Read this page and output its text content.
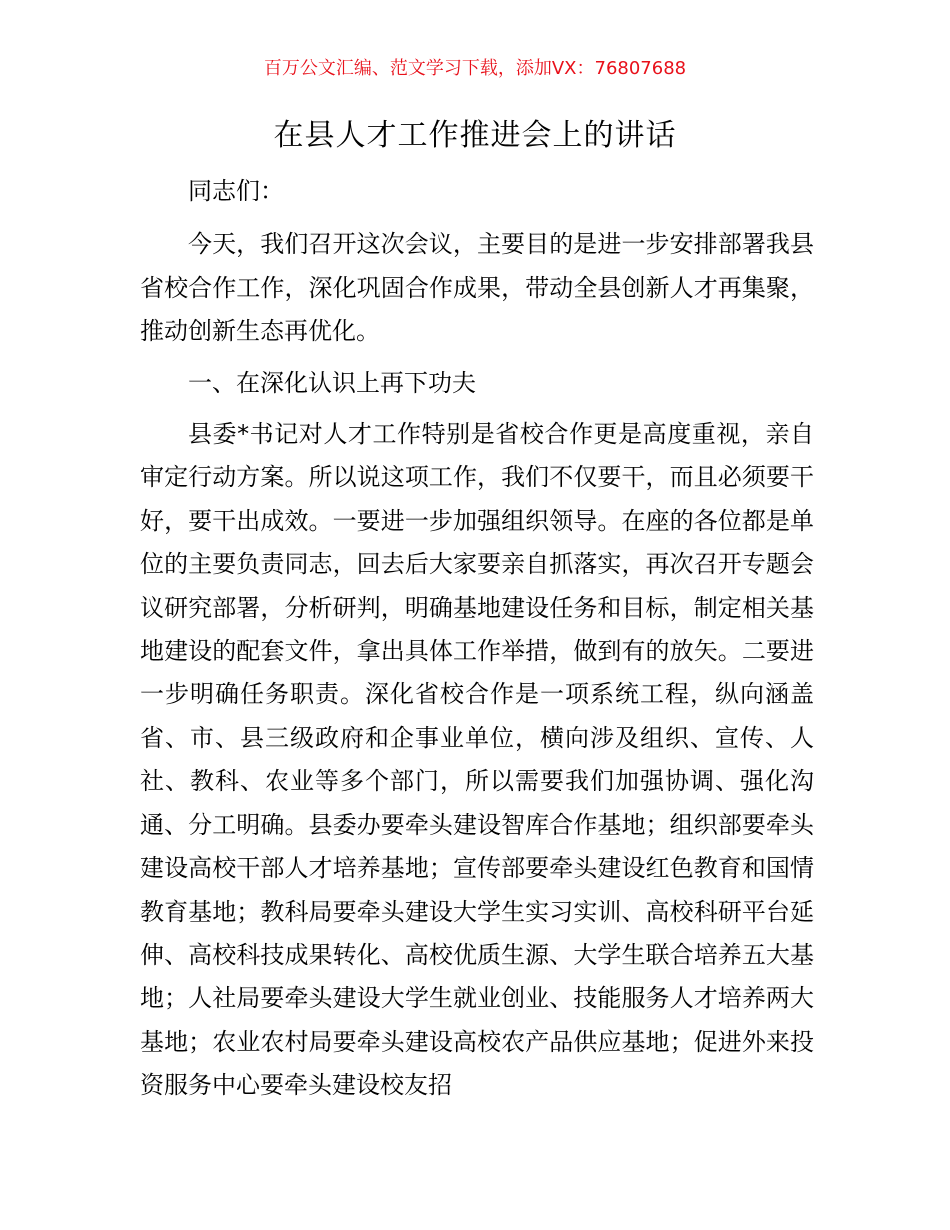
百万公文汇编、范文学习下载，添加VX：76807688
在县人才工作推进会上的讲话

同志们：

今天，我们召开这次会议，主要目的是进一步安排部署我县省校合作工作，深化巩固合作成果，带动全县创新人才再集聚，推动创新生态再优化。

一、在深化认识上再下功夫

县委*书记对人才工作特别是省校合作更是高度重视，亲自审定行动方案。所以说这项工作，我们不仅要干，而且必须要干好，要干出成效。一要进一步加强组织领导。在座的各位都是单位的主要负责同志，回去后大家要亲自抓落实，再次召开专题会议研究部署，分析研判，明确基地建设任务和目标，制定相关基地建设的配套文件，拿出具体工作举措，做到有的放矢。二要进一步明确任务职责。深化省校合作是一项系统工程，纵向涵盖省、市、县三级政府和企事业单位，横向涉及组织、宣传、人社、教科、农业等多个部门，所以需要我们加强协调、强化沟通、分工明确。县委办要牵头建设智库合作基地；组织部要牵头建设高校干部人才培养基地；宣传部要牵头建设红色教育和国情教育基地；教科局要牵头建设大学生实习实训、高校科研平台延伸、高校科技成果转化、高校优质生源、大学生联合培养五大基地；人社局要牵头建设大学生就业创业、技能服务人才培养两大基地；农业农村局要牵头建设高校农产品供应基地；促进外来投资服务中心要牵头建设校友招
